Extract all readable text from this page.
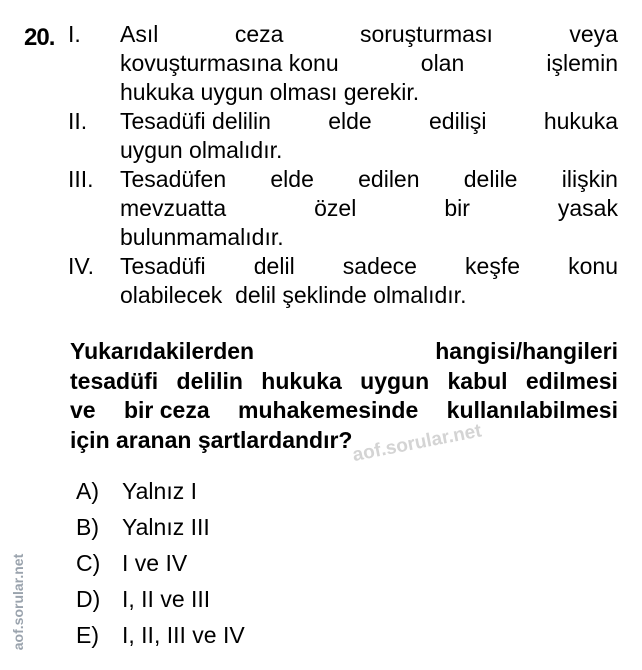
20. I. Asıl	ceza	soruşturması	veya
kovuşturmasına konu	olan	işlemin
hukuka uygun olması gerekir.
II. Tesadüfi delilin elde edilişi hukuka
uygun olmalıdır.
III. Tesadüfen elde edilen delile ilişkin
mevzuatta	özel	bir	yasak
bulunmamalıdır.
IV. Tesadüfi delil sadece keşfe konu
olabilecek  delil şeklinde olmalıdır.
Yukarıdakilerden	hangisi/hangileri
tesadüfi delilin hukuka uygun kabul edilmesi
ve bir ceza muhakemesinde kullanılabilmesi
için aranan şartlardandır?
A) Yalnız I
B) Yalnız III
C) I ve IV
D) I, II ve III
E) I, II, III ve IV
aof.sorular.net
aof.sorular.net
